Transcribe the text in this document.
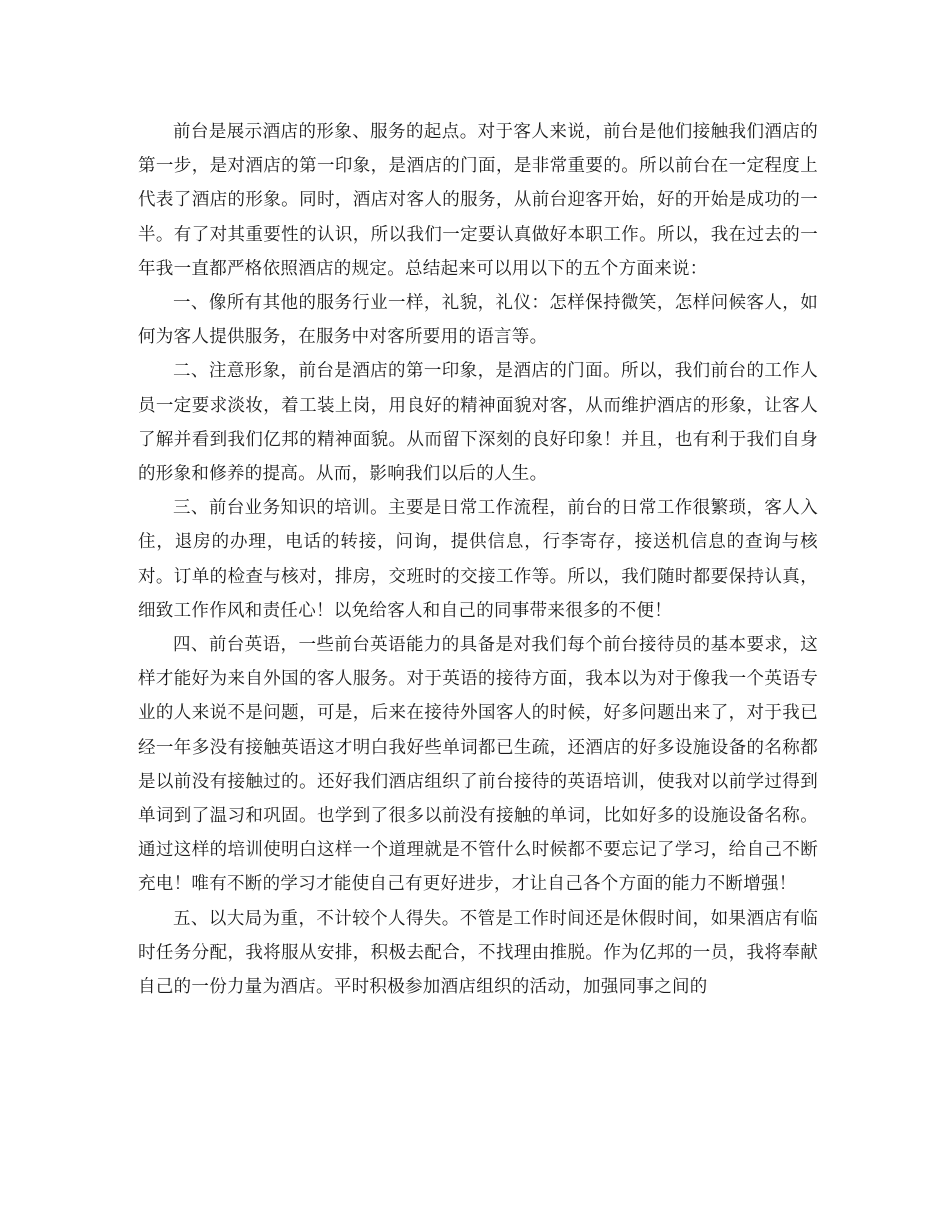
前台是展示酒店的形象、服务的起点。对于客人来说，前台是他们接触我们酒店的第一步，是对酒店的第一印象，是酒店的门面，是非常重要的。所以前台在一定程度上代表了酒店的形象。同时，酒店对客人的服务，从前台迎客开始，好的开始是成功的一半。有了对其重要性的认识，所以我们一定要认真做好本职工作。所以，我在过去的一年我一直都严格依照酒店的规定。总结起来可以用以下的五个方面来说：

一、像所有其他的服务行业一样，礼貌，礼仪：怎样保持微笑，怎样问候客人，如何为客人提供服务，在服务中对客所要用的语言等。

二、注意形象，前台是酒店的第一印象，是酒店的门面。所以，我们前台的工作人员一定要求淡妆，着工装上岗，用良好的精神面貌对客，从而维护酒店的形象，让客人了解并看到我们亿邦的精神面貌。从而留下深刻的良好印象！并且，也有利于我们自身的形象和修养的提高。从而，影响我们以后的人生。

三、前台业务知识的培训。主要是日常工作流程，前台的日常工作很繁琐，客人入住，退房的办理，电话的转接，问询，提供信息，行李寄存，接送机信息的查询与核对。订单的检查与核对，排房，交班时的交接工作等。所以，我们随时都要保持认真，细致工作作风和责任心！以免给客人和自己的同事带来很多的不便！

四、前台英语，一些前台英语能力的具备是对我们每个前台接待员的基本要求，这样才能好为来自外国的客人服务。对于英语的接待方面，我本以为对于像我一个英语专业的人来说不是问题，可是，后来在接待外国客人的时候，好多问题出来了，对于我已经一年多没有接触英语这才明白我好些单词都已生疏，还酒店的好多设施设备的名称都是以前没有接触过的。还好我们酒店组织了前台接待的英语培训，使我对以前学过得到单词到了温习和巩固。也学到了很多以前没有接触的单词，比如好多的设施设备名称。通过这样的培训使明白这样一个道理就是不管什么时候都不要忘记了学习，给自己不断充电！唯有不断的学习才能使自己有更好进步，才让自己各个方面的能力不断增强！

五、以大局为重，不计较个人得失。不管是工作时间还是休假时间，如果酒店有临时任务分配，我将服从安排，积极去配合，不找理由推脱。作为亿邦的一员，我将奉献自己的一份力量为酒店。平时积极参加酒店组织的活动，加强同事之间的
